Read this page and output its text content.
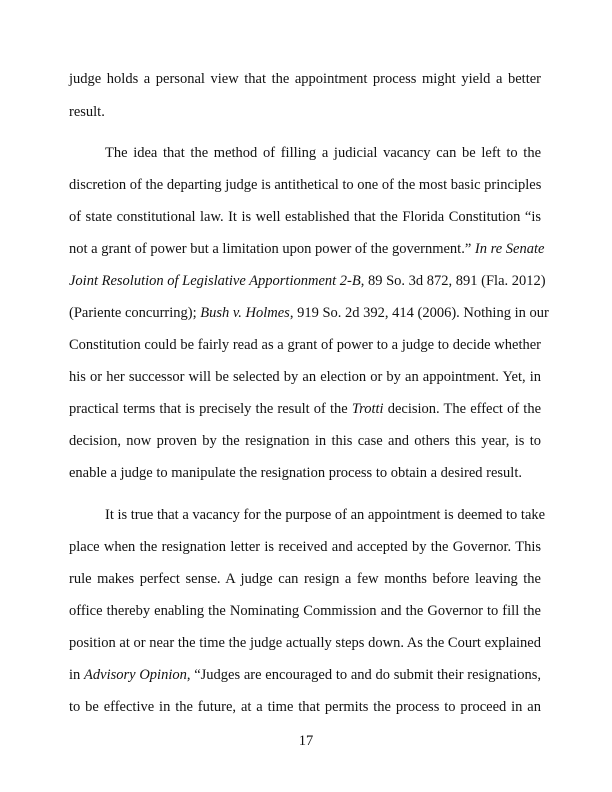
judge holds a personal view that the appointment process might yield a better
result.
The idea that the method of filling a judicial vacancy can be left to the
discretion of the departing judge is antithetical to one of the most basic principles
of state constitutional law. It is well established that the Florida Constitution “is
not a grant of power but a limitation upon power of the government.” In re Senate
Joint Resolution of Legislative Apportionment 2-B, 89 So. 3d 872, 891 (Fla. 2012)
(Pariente concurring); Bush v. Holmes, 919 So. 2d 392, 414 (2006). Nothing in our
Constitution could be fairly read as a grant of power to a judge to decide whether
his or her successor will be selected by an election or by an appointment. Yet, in
practical terms that is precisely the result of the Trotti decision. The effect of the
decision, now proven by the resignation in this case and others this year, is to
enable a judge to manipulate the resignation process to obtain a desired result.
It is true that a vacancy for the purpose of an appointment is deemed to take
place when the resignation letter is received and accepted by the Governor. This
rule makes perfect sense. A judge can resign a few months before leaving the
office thereby enabling the Nominating Commission and the Governor to fill the
position at or near the time the judge actually steps down. As the Court explained
in Advisory Opinion, “Judges are encouraged to and do submit their resignations,
to be effective in the future, at a time that permits the process to proceed in an
17
